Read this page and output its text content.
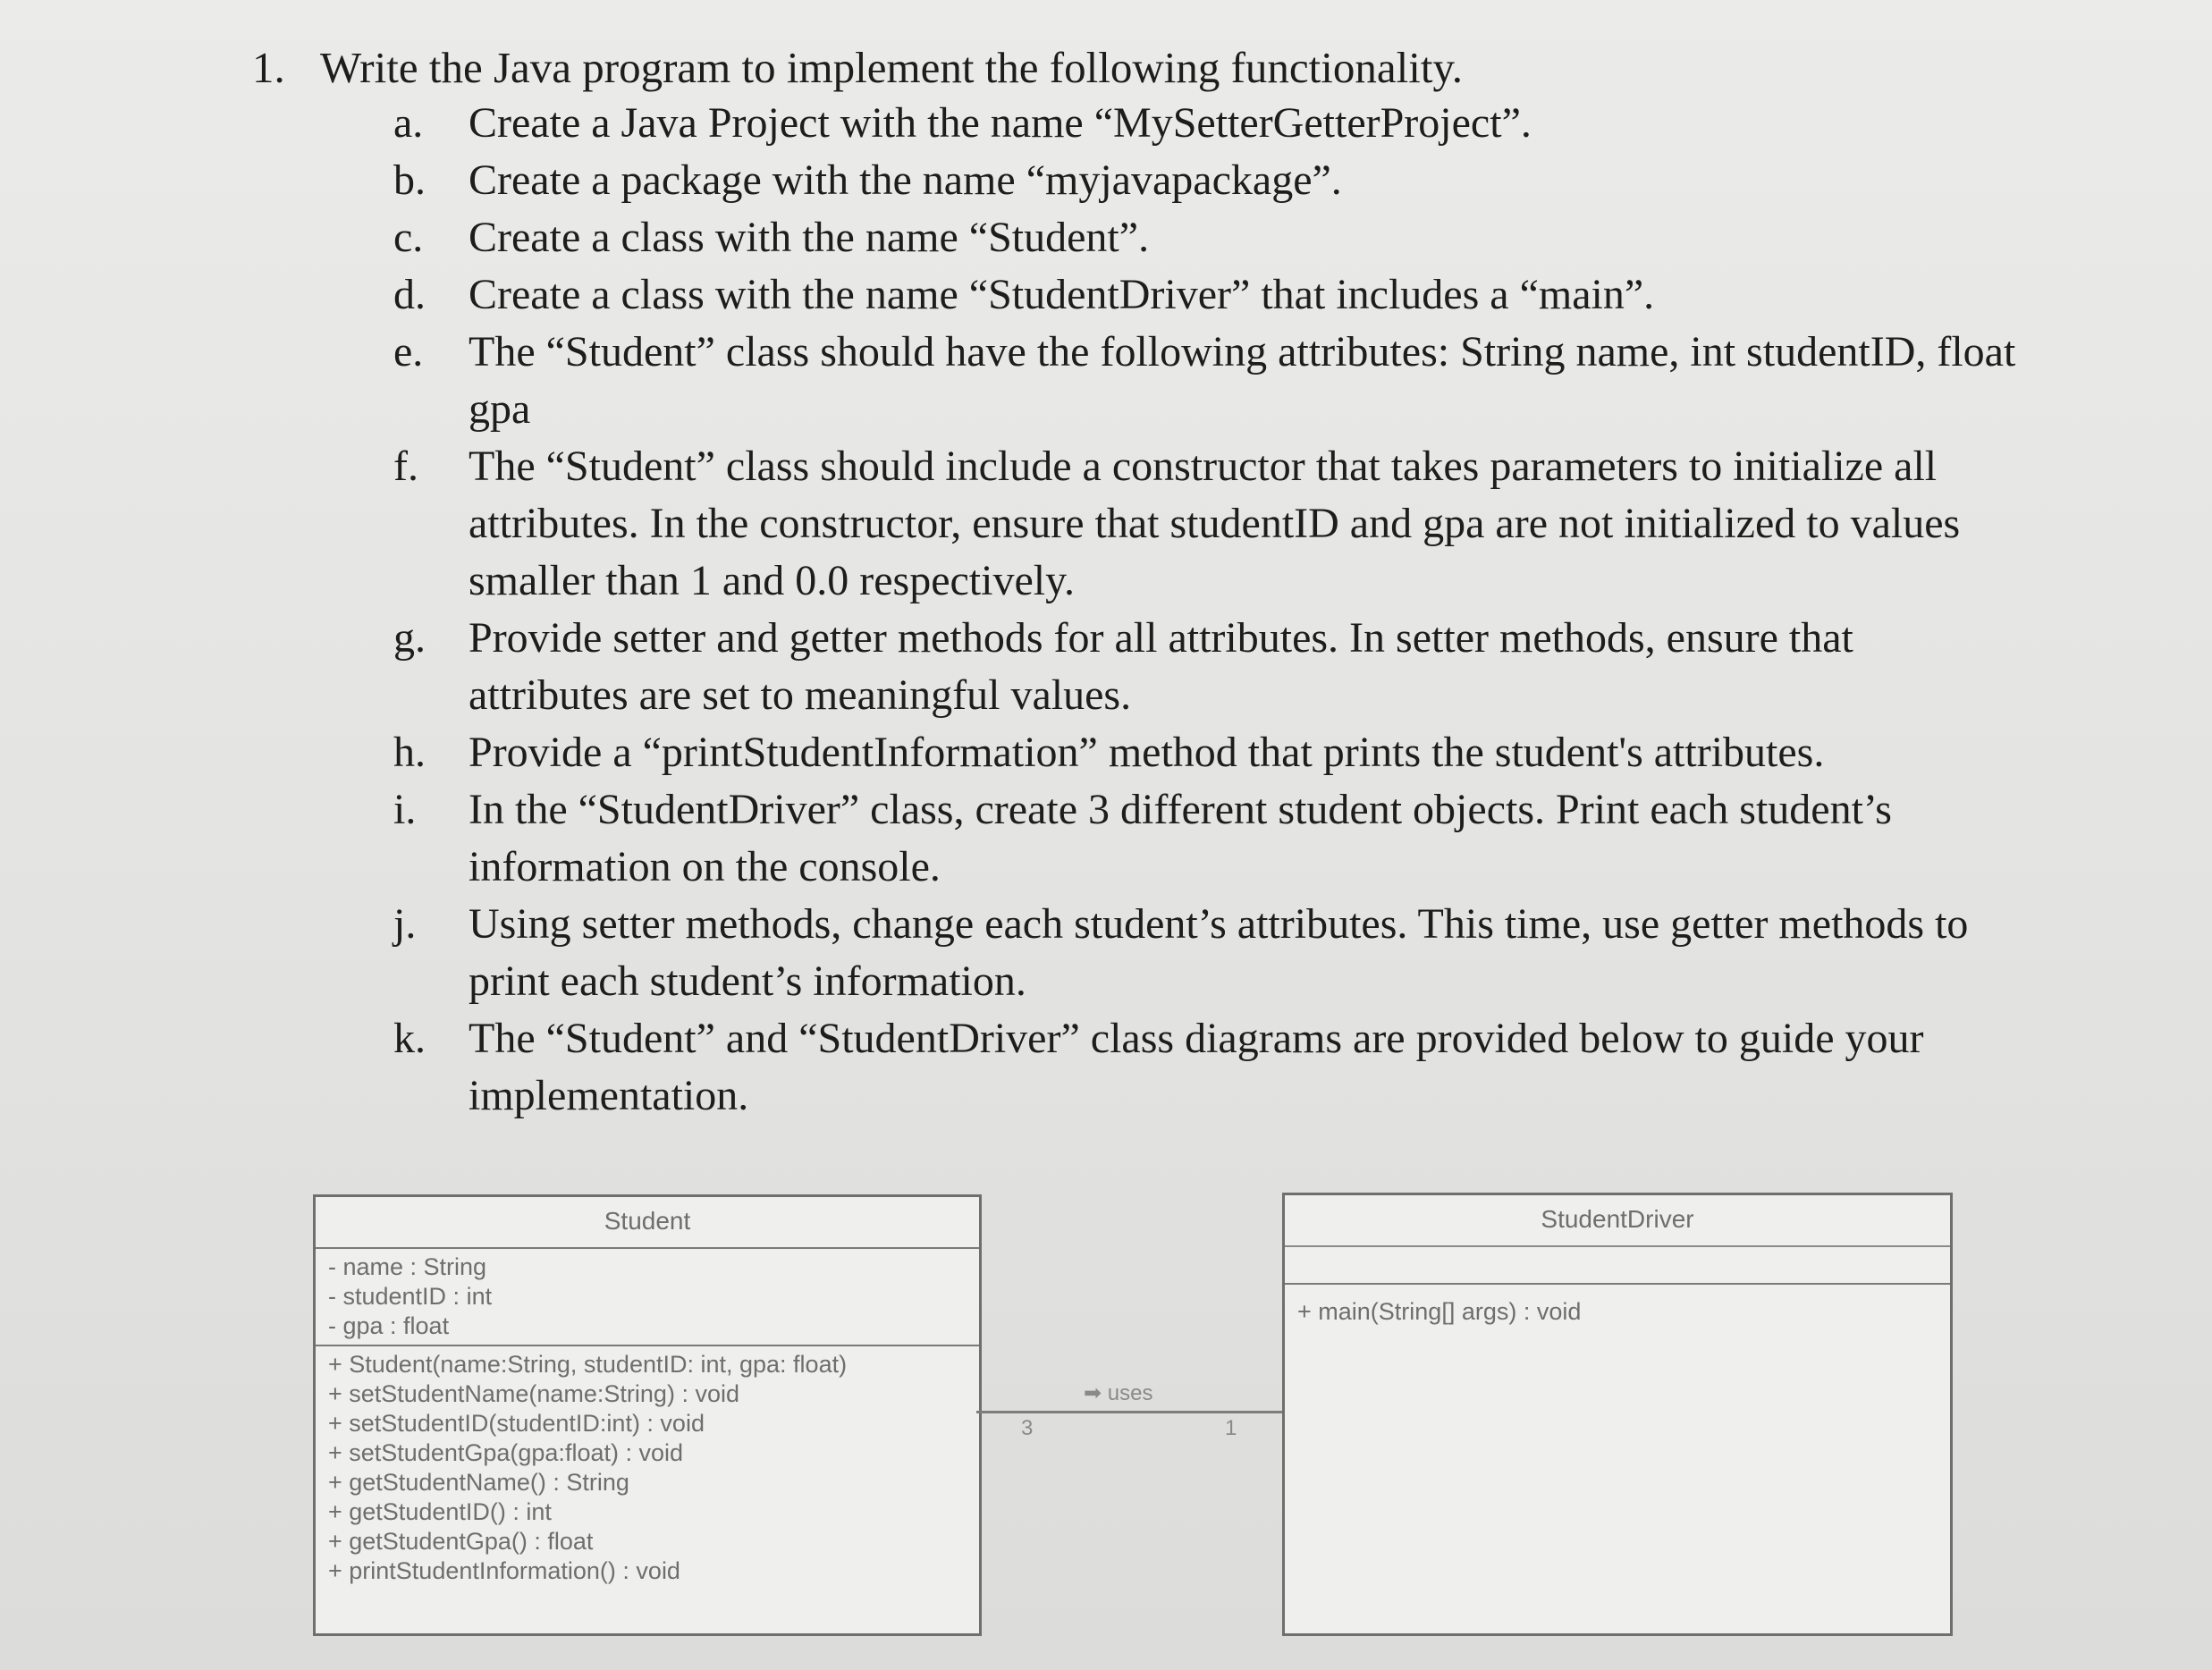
1. Write the Java program to implement the following functionality.
a. Create a Java Project with the name “MySetterGetterProject”.
b. Create a package with the name “myjavapackage”.
c. Create a class with the name “Student”.
d. Create a class with the name “StudentDriver” that includes a “main”.
e. The “Student” class should have the following attributes: String name, int studentID, float gpa
f. The “Student” class should include a constructor that takes parameters to initialize all attributes. In the constructor, ensure that studentID and gpa are not initialized to values smaller than 1 and 0.0 respectively.
g. Provide setter and getter methods for all attributes. In setter methods, ensure that attributes are set to meaningful values.
h. Provide a “printStudentInformation” method that prints the student's attributes.
i. In the “StudentDriver” class, create 3 different student objects. Print each student’s information on the console.
j. Using setter methods, change each student’s attributes. This time, use getter methods to print each student’s information.
k. The “Student” and “StudentDriver” class diagrams are provided below to guide your implementation.
Student
- name : String
- studentID : int
- gpa : float
+ Student(name:String, studentID: int, gpa: float)
+ setStudentName(name:String) : void
+ setStudentID(studentID:int) : void
+ setStudentGpa(gpa:float) : void
+ getStudentName() : String
+ getStudentID() : int
+ getStudentGpa() : float
+ printStudentInformation() : void
➡ uses
3	1
StudentDriver
+ main(String[] args) : void
